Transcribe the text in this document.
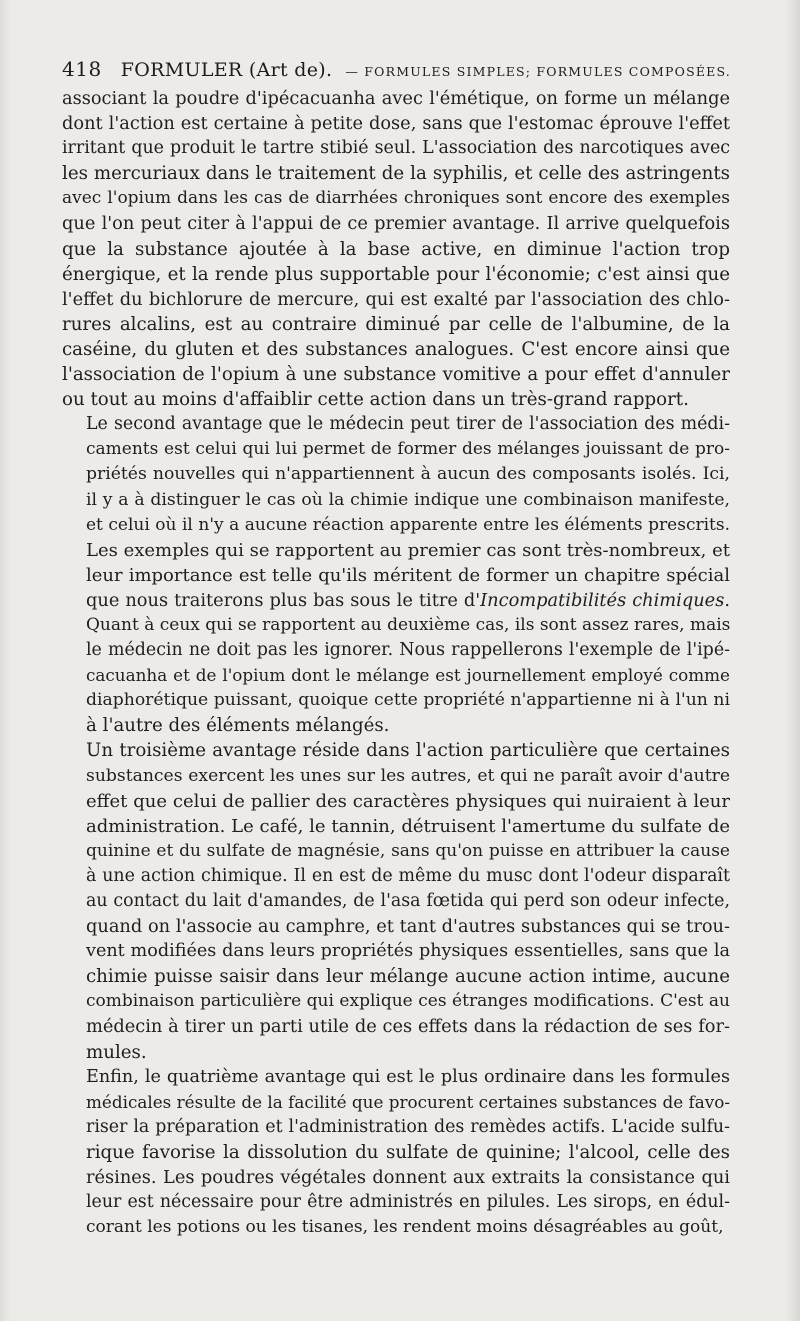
418 FORMULER (Art de). — FORMULES SIMPLES; FORMULES COMPOSÉES.

associant la poudre d'ipécacuanha avec l'émétique, on forme un mélange
dont l'action est certaine à petite dose, sans que l'estomac éprouve l'effet
irritant que produit le tartre stibié seul. L'association des narcotiques avec
les mercuriaux dans le traitement de la syphilis, et celle des astringents
avec l'opium dans les cas de diarrhées chroniques sont encore des exemples
que l'on peut citer à l'appui de ce premier avantage. Il arrive quelquefois
que la substance ajoutée à la base active, en diminue l'action trop
énergique, et la rende plus supportable pour l'économie; c'est ainsi que
l'effet du bichlorure de mercure, qui est exalté par l'association des chlo-
rures alcalins, est au contraire diminué par celle de l'albumine, de la
caséine, du gluten et des substances analogues. C'est encore ainsi que
l'association de l'opium à une substance vomitive a pour effet d'annuler
ou tout au moins d'affaiblir cette action dans un très-grand rapport.

Le second avantage que le médecin peut tirer de l'association des médi-
caments est celui qui lui permet de former des mélanges jouissant de pro-
priétés nouvelles qui n'appartiennent à aucun des composants isolés. Ici,
il y a à distinguer le cas où la chimie indique une combinaison manifeste,
et celui où il n'y a aucune réaction apparente entre les éléments prescrits.
Les exemples qui se rapportent au premier cas sont très-nombreux, et
leur importance est telle qu'ils méritent de former un chapitre spécial
que nous traiterons plus bas sous le titre d'Incompatibilités chimiques.
Quant à ceux qui se rapportent au deuxième cas, ils sont assez rares, mais
le médecin ne doit pas les ignorer. Nous rappellerons l'exemple de l'ipé-
cacuanha et de l'opium dont le mélange est journellement employé comme
diaphorétique puissant, quoique cette propriété n'appartienne ni à l'un ni
à l'autre des éléments mélangés.

Un troisième avantage réside dans l'action particulière que certaines
substances exercent les unes sur les autres, et qui ne paraît avoir d'autre
effet que celui de pallier des caractères physiques qui nuiraient à leur
administration. Le café, le tannin, détruisent l'amertume du sulfate de
quinine et du sulfate de magnésie, sans qu'on puisse en attribuer la cause
à une action chimique. Il en est de même du musc dont l'odeur disparaît
au contact du lait d'amandes, de l'asa fœtida qui perd son odeur infecte,
quand on l'associe au camphre, et tant d'autres substances qui se trou-
vent modifiées dans leurs propriétés physiques essentielles, sans que la
chimie puisse saisir dans leur mélange aucune action intime, aucune
combinaison particulière qui explique ces étranges modifications. C'est au
médecin à tirer un parti utile de ces effets dans la rédaction de ses for-
mules.

Enfin, le quatrième avantage qui est le plus ordinaire dans les formules
médicales résulte de la facilité que procurent certaines substances de favo-
riser la préparation et l'administration des remèdes actifs. L'acide sulfu-
rique favorise la dissolution du sulfate de quinine; l'alcool, celle des
résines. Les poudres végétales donnent aux extraits la consistance qui
leur est nécessaire pour être administrés en pilules. Les sirops, en édul-
corant les potions ou les tisanes, les rendent moins désagréables au goût,
